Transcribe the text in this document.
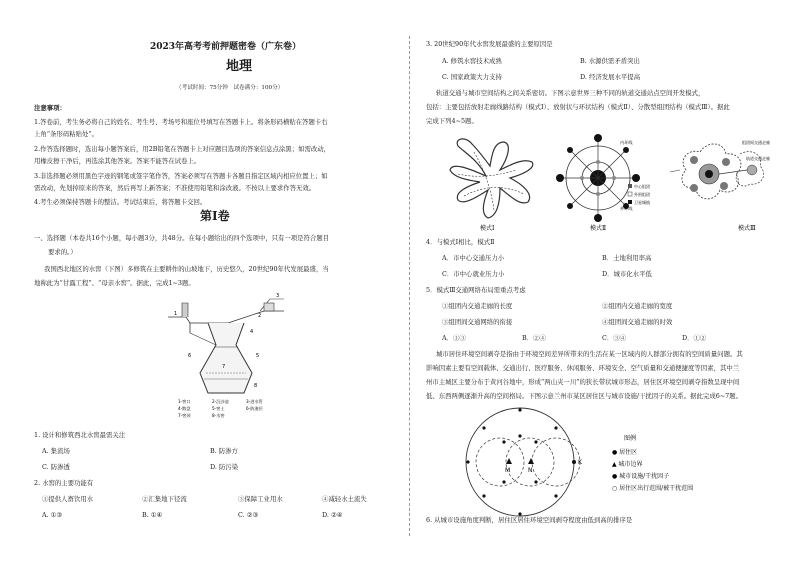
2023年高考考前押题密卷（广东卷）
地理
（考试时间：75分钟　试卷满分：100分）
注意事项：
1.答卷前，考生务必将自己的姓名、考生号、考场号和座位号填写在答题卡上。将条形码横贴在答题卡右
上角“条形码粘贴处”。
2.作答选择题时，选出每小题答案后，用2B铅笔在答题卡上对应题目选项的答案信息点涂黑；如需改动，
用橡皮擦干净后，再选涂其他答案。答案不能答在试卷上。
3.非选择题必须用黑色字迹的钢笔或签字笔作答，答案必须写在答题卡各题目指定区域内相应位置上；如
需改动，先划掉原来的答案，然后再写上新答案；不准使用铅笔和涂改液。不按以上要求作答无效。
4.考生必须保持答题卡的整洁。考试结束后，将答题卡交回。
第Ⅰ卷
一、选择题（本卷共16个小题，每小题3分，共48分。在每小题给出的四个选项中，只有一项是符合题目
要求的。）
我国西北地区的水窖（下图）多修筑在主要耕作的山坡地下，历史悠久，20世纪90年代发展最盛，当
地称此为“甘露工程”、“母亲水窖”。据此，完成1~3题。
1	2
3
4
5
6
7
8
1-窖口	2-沉沙池	3-进水管
4-散盘	5-窖土	6-防渗层
7-窖颈	8-水窖
1. 设计和修筑西北水窖最需关注
A. 集流场	B. 防渗方
C. 防渗透	D. 防污染
2. 水窖的主要功能有
①提供人畜饮用水	②汇集地下径流	③保障工业用水	④减轻水土流失
A. ①③	B. ①④	C. ②③	D. ②④
3. 20世纪90年代水窖发展最盛的主要原因是
A. 修筑水窖技术成熟	B. 水源供需矛盾突出
C. 国家政策大力支持	D. 经济发展水平提高
轨道交通与城市空间结构之间关系密切。下图示意世界三种不同的轨道交通站点空间开发模式，
包括：主要包括放射走廊线路结构（模式Ⅰ）、放射状与环状结构（模式Ⅱ）、分散型组团结构（模式Ⅲ）。据此
完成下列4~5题。
模式Ⅰ
内环线
外环线
中心组团
外围组团
卫星城镇
模式Ⅱ
组团间交通走廊
轨道交通走廊
模式Ⅲ
4．与模式Ⅰ相比，模式Ⅱ
A．市中心交通压力小	B．土地利用率高
C．市中心就业压力小	D．城市化水平低
5．模式Ⅲ交通网络布局需重点考虑
①组团内交通走廊的长度	②组团内交通走廊的宽度
③组团间交通网络的衔接	④组团间交通走廊的时效
A．①③	B．②④	C．③④	D．①②
城市居住环境空间剥夺是指由于环境空间差异所带来的生活在某一区域内的人群部分拥有的空间质量问题。其
影响因素主要有空间载体、交通出行、医疗服务、休闲服务、环境安全、空气质量和交通便捷度等因素，其中兰
州市主城区主要分布于黄河谷地中，形成“两山夹一川”的狭长带状城市形态，居住区环境空间剥夺指数呈现中间
低、东西两侧逐渐升高的空间格局。下图示意兰州市某区居住区与城市设施/干扰因子的关系。据此完成6~7题。
M	N
K
图例
● 居住区
▲ 城市边界
● 城市设施/干扰因子
○ 居住区出行范围/被干扰范围
6. 从城市设施角度判断，居住区居住环境空间剥夺程度由低到高的排序是
